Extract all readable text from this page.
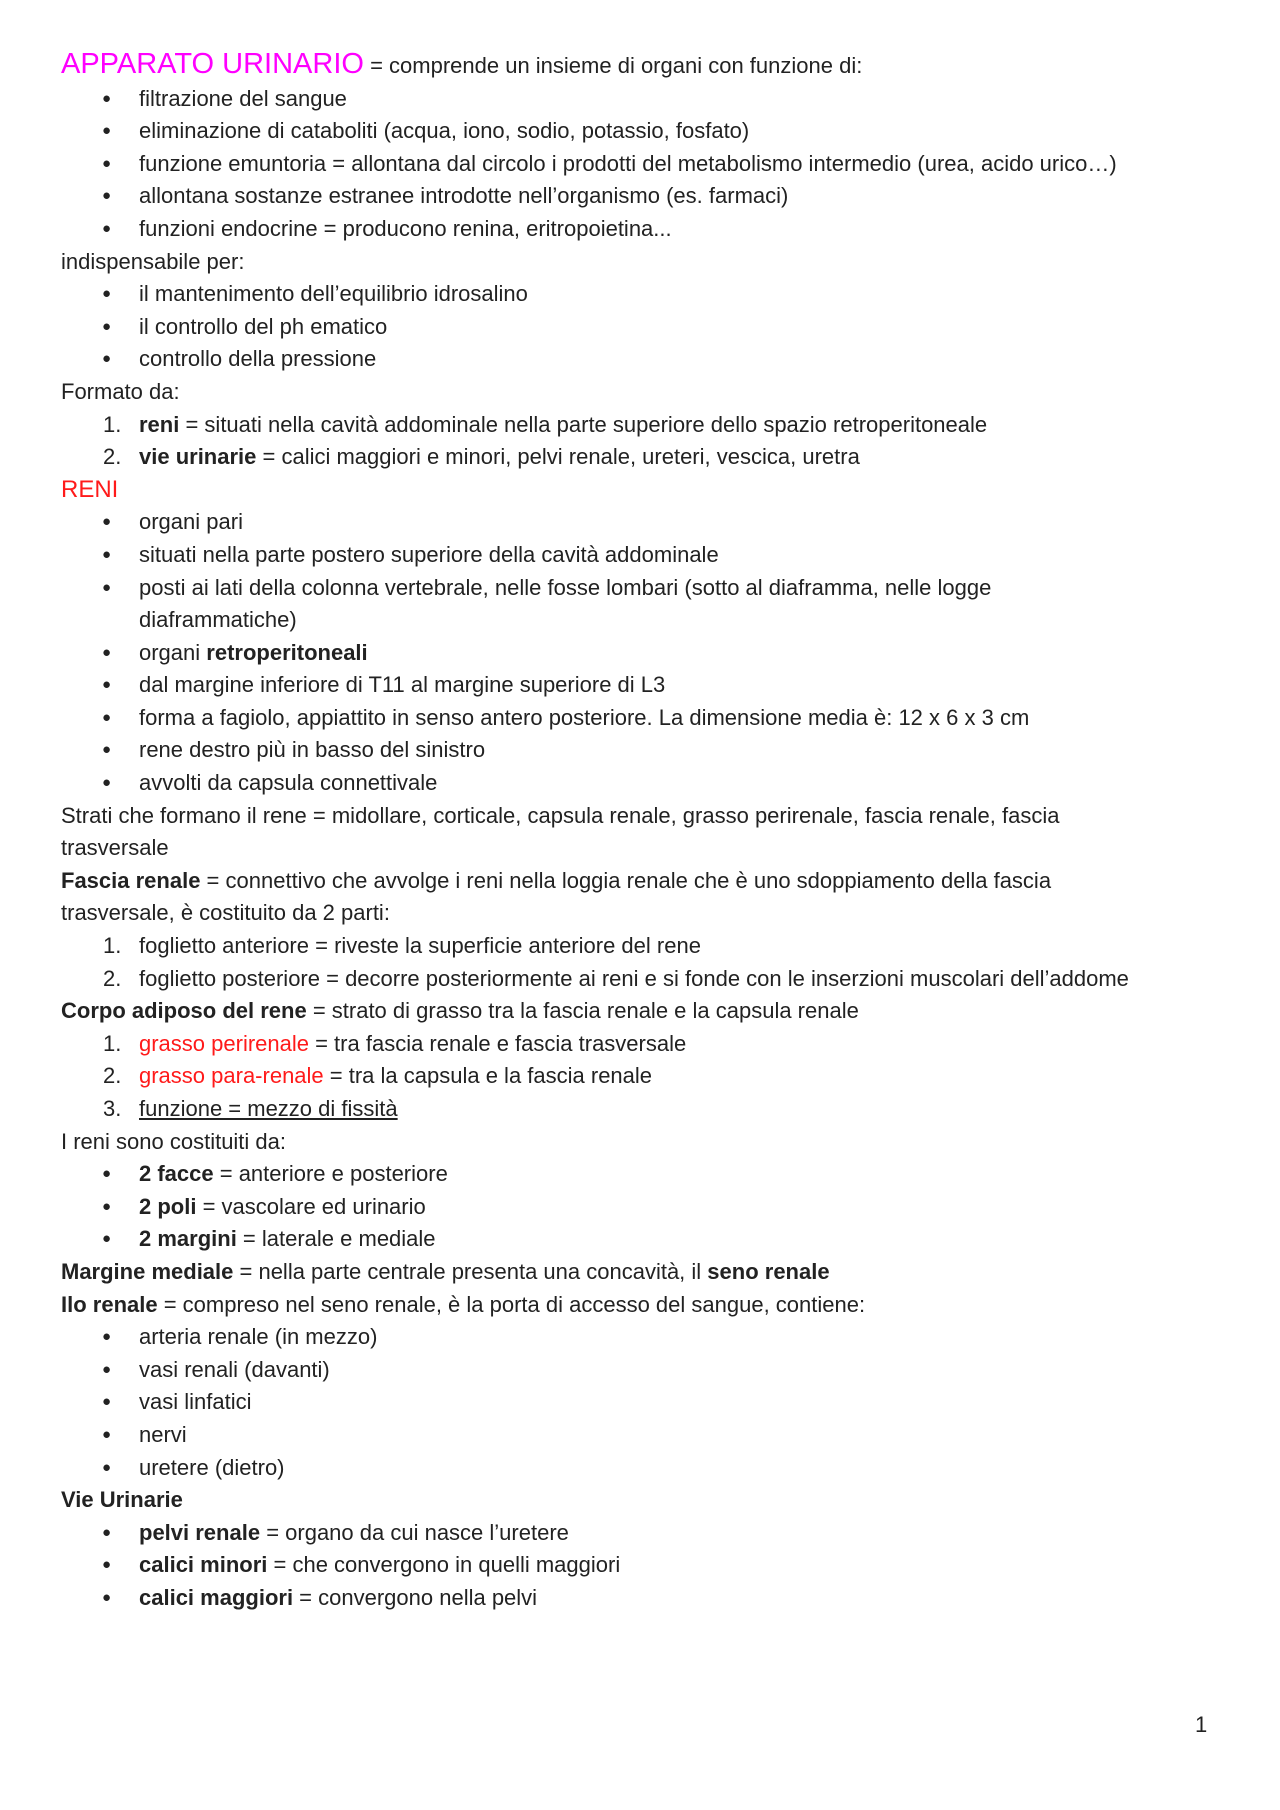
APPARATO URINARIO = comprende un insieme di organi con funzione di:
● filtrazione del sangue
● eliminazione di cataboliti (acqua, iono, sodio, potassio, fosfato)
● funzione emuntoria = allontana dal circolo i prodotti del metabolismo intermedio (urea, acido urico…)
● allontana sostanze estranee introdotte nell’organismo (es. farmaci)
● funzioni endocrine = producono renina, eritropoietina...
indispensabile per:
● il mantenimento dell’equilibrio idrosalino
● il controllo del ph ematico
● controllo della pressione
Formato da:
1. reni = situati nella cavità addominale nella parte superiore dello spazio retroperitoneale
2. vie urinarie = calici maggiori e minori, pelvi renale, ureteri, vescica, uretra
RENI
● organi pari
● situati nella parte postero superiore della cavità addominale
● posti ai lati della colonna vertebrale, nelle fosse lombari (sotto al diaframma, nelle logge
diaframmatiche)
● organi retroperitoneali
● dal margine inferiore di T11 al margine superiore di L3
● forma a fagiolo, appiattito in senso antero posteriore. La dimensione media è: 12 x 6 x 3 cm
● rene destro più in basso del sinistro
● avvolti da capsula connettivale
Strati che formano il rene = midollare, corticale, capsula renale, grasso perirenale, fascia renale, fascia
trasversale
Fascia renale = connettivo che avvolge i reni nella loggia renale che è uno sdoppiamento della fascia
trasversale, è costituito da 2 parti:
1. foglietto anteriore = riveste la superficie anteriore del rene
2. foglietto posteriore = decorre posteriormente ai reni e si fonde con le inserzioni muscolari dell’addome
Corpo adiposo del rene = strato di grasso tra la fascia renale e la capsula renale
1. grasso perirenale = tra fascia renale e fascia trasversale
2. grasso para-renale = tra la capsula e la fascia renale
3. funzione = mezzo di fissità
I reni sono costituiti da:
● 2 facce = anteriore e posteriore
● 2 poli = vascolare ed urinario
● 2 margini = laterale e mediale
Margine mediale = nella parte centrale presenta una concavità, il seno renale
Ilo renale = compreso nel seno renale, è la porta di accesso del sangue, contiene:
● arteria renale (in mezzo)
● vasi renali (davanti)
● vasi linfatici
● nervi
● uretere (dietro)
Vie Urinarie
● pelvi renale = organo da cui nasce l’uretere
● calici minori = che convergono in quelli maggiori
● calici maggiori = convergono nella pelvi
1
